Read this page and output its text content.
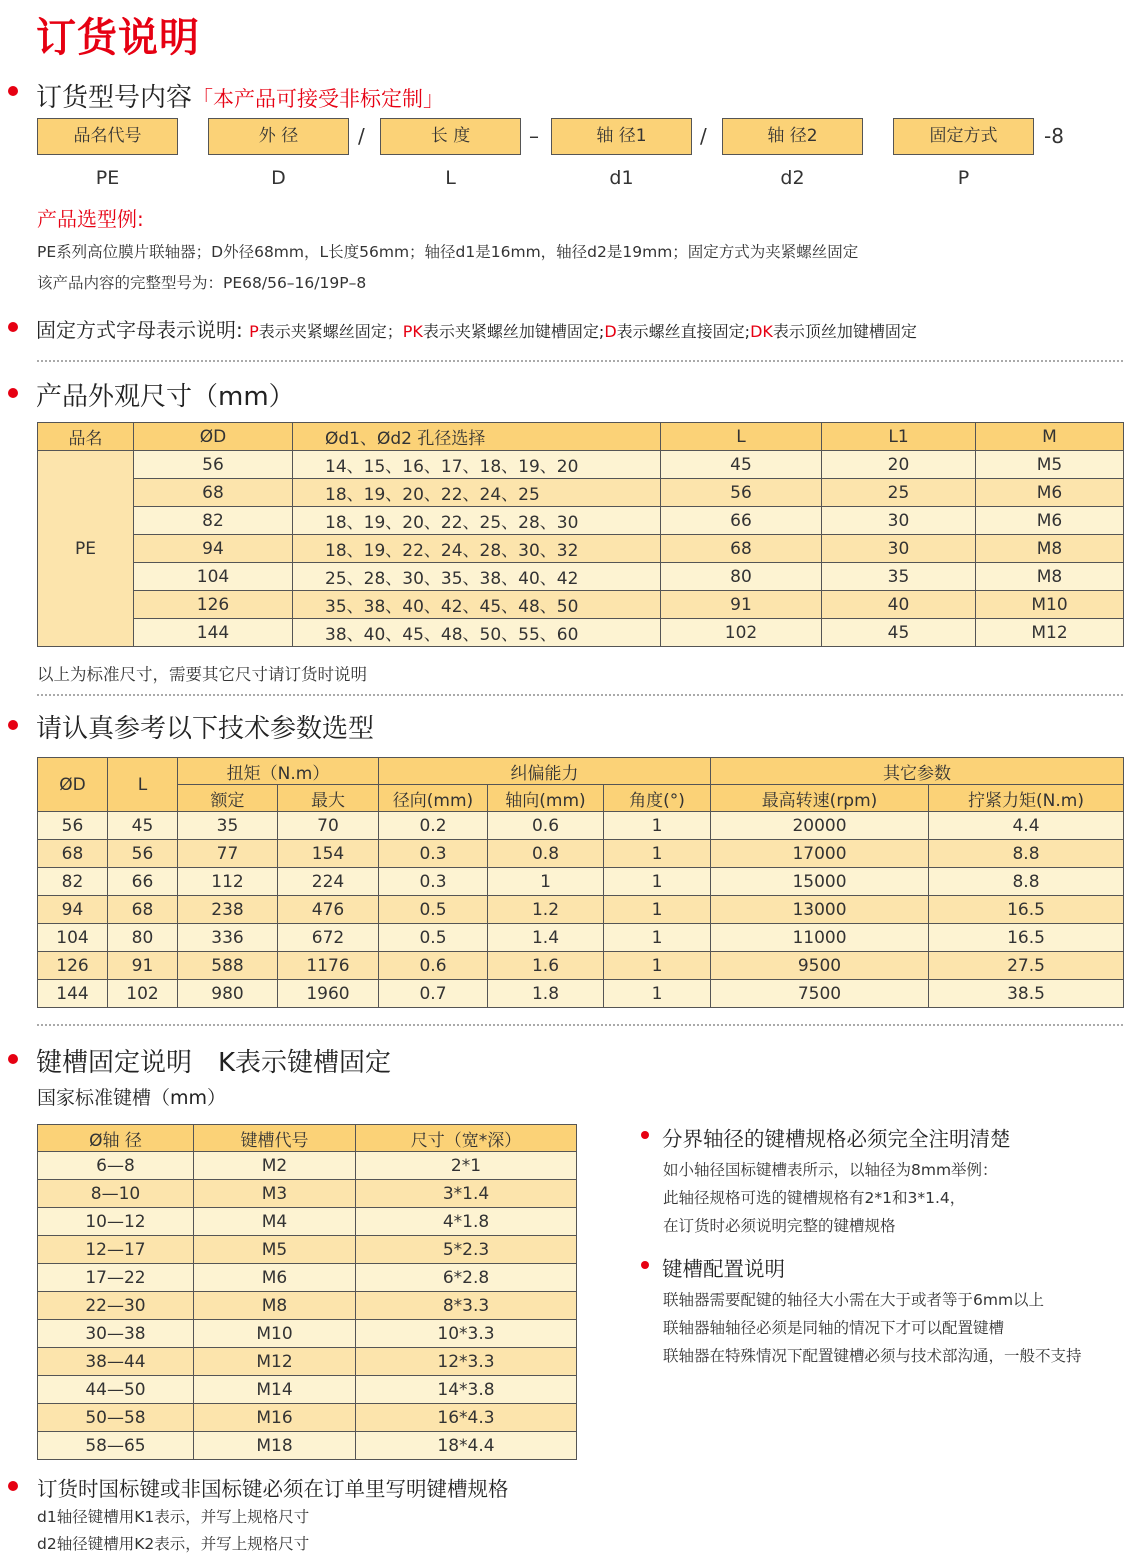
订货说明
订货型号内容「本产品可接受非标定制」
品名代号	外 径	/	长 度	–	轴 径1	/	轴 径2	固定方式	-8
PE	D	L	d1	d2	P
产品选型例:
PE系列高位膜片联轴器；D外径68mm，L长度56mm；轴径d1是16mm，轴径d2是19mm；固定方式为夹紧螺丝固定
该产品内容的完整型号为：PE68/56–16/19P–8
固定方式字母表示说明: P表示夹紧螺丝固定；PK表示夹紧螺丝加键槽固定;D表示螺丝直接固定;DK表示顶丝加键槽固定
产品外观尺寸（mm）
品名	ØD	Ød1、Ød2 孔径选择	L	L1	M
PE	56	14、15、16、17、18、19、20	45	20	M5
	68	18、19、20、22、24、25	56	25	M6
	82	18、19、20、22、25、28、30	66	30	M6
	94	18、19、22、24、28、30、32	68	30	M8
	104	25、28、30、35、38、40、42	80	35	M8
	126	35、38、40、42、45、48、50	91	40	M10
	144	38、40、45、48、50、55、60	102	45	M12
以上为标准尺寸，需要其它尺寸请订货时说明
请认真参考以下技术参数选型
ØD	L	扭矩（N.m）		纠偏能力			其它参数	
		额定	最大	径向(mm)	轴向(mm)	角度(°)	最高转速(rpm)	拧紧力矩(N.m)
56	45	35	70	0.2	0.6	1	20000	4.4
68	56	77	154	0.3	0.8	1	17000	8.8
82	66	112	224	0.3	1	1	15000	8.8
94	68	238	476	0.5	1.2	1	13000	16.5
104	80	336	672	0.5	1.4	1	11000	16.5
126	91	588	1176	0.6	1.6	1	9500	27.5
144	102	980	1960	0.7	1.8	1	7500	38.5
键槽固定说明　K表示键槽固定
国家标准键槽（mm）
Ø轴 径	键槽代号	尺寸（宽*深）
6—8	M2	2*1
8—10	M3	3*1.4
10—12	M4	4*1.8
12—17	M5	5*2.3
17—22	M6	6*2.8
22—30	M8	8*3.3
30—38	M10	10*3.3
38—44	M12	12*3.3
44—50	M14	14*3.8
50—58	M16	16*4.3
58—65	M18	18*4.4
分界轴径的键槽规格必须完全注明清楚
如小轴径国标键槽表所示，以轴径为8mm举例：
此轴径规格可选的键槽规格有2*1和3*1.4，
在订货时必须说明完整的键槽规格
键槽配置说明
联轴器需要配键的轴径大小需在大于或者等于6mm以上
联轴器轴轴径必须是同轴的情况下才可以配置键槽
联轴器在特殊情况下配置键槽必须与技术部沟通，一般不支持
订货时国标键或非国标键必须在订单里写明键槽规格
d1轴径键槽用K1表示，并写上规格尺寸
d2轴径键槽用K2表示，并写上规格尺寸
